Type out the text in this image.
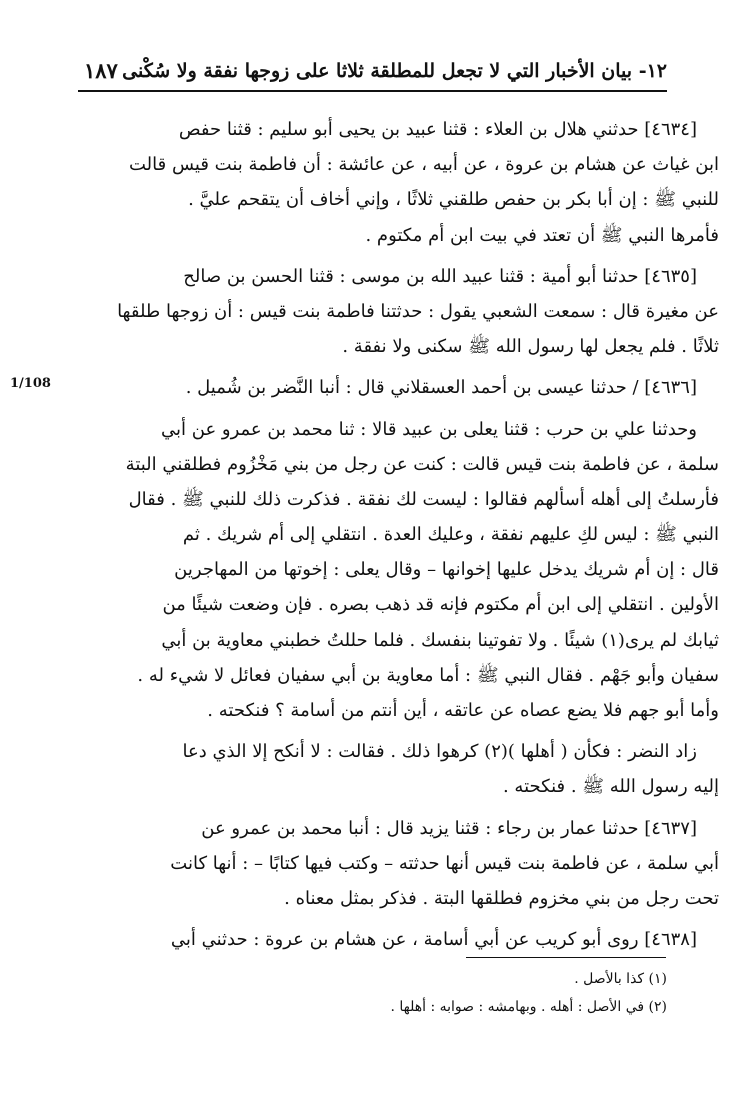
١٢- بيان الأخبار التي لا تجعل للمطلقة ثلاثا على زوجها نفقة ولا سُكْنى
١٨٧
1/108
[٤٦٣٤] حدثني هلال بن العلاء : قثنا عبيد بن يحيى أبو سليم : قثنا حفص
ابن غياث عن هشام بن عروة ، عن أبيه ، عن عائشة : أن فاطمة بنت قيس قالت
للنبي ﷺ : إن أبا بكر بن حفص طلقني ثلاثًا ، وإني أخاف أن يتقحم عليَّ .
فأمرها النبي ﷺ أن تعتد في بيت ابن أم مكتوم .
[٤٦٣٥] حدثنا أبو أمية : قثنا عبيد الله بن موسى : قثنا الحسن بن صالح
عن مغيرة قال : سمعت الشعبي يقول : حدثتنا فاطمة بنت قيس : أن زوجها طلقها
ثلاثًا . فلم يجعل لها رسول الله ﷺ سكنى ولا نفقة .
[٤٦٣٦] / حدثنا عيسى بن أحمد العسقلاني قال : أنبا النَّضر بن شُميل .
وحدثنا علي بن حرب : قثنا يعلى بن عبيد قالا : ثنا محمد بن عمرو عن أبي
سلمة ، عن فاطمة بنت قيس قالت : كنت عن رجل من بني مَخْزُوم فطلقني البتة
فأرسلتُ إلى أهله أسألهم فقالوا : ليست لك نفقة . فذكرت ذلك للنبي ﷺ . فقال
النبي ﷺ : ليس لكِ عليهم نفقة ، وعليك العدة . انتقلي إلى أم شريك . ثم
قال : إن أم شريك يدخل عليها إخوانها – وقال يعلى : إخوتها من المهاجرين
الأولين . انتقلي إلى ابن أم مكتوم فإنه قد ذهب بصره . فإن وضعت شيئًا من
ثيابك لم يرى(١) شيئًا . ولا تفوتينا بنفسك . فلما حللتُ خطبني معاوية بن أبي
سفيان وأبو جَهْم . فقال النبي ﷺ : أما معاوية بن أبي سفيان فعائل لا شيء له .
وأما أبو جهم فلا يضع عصاه عن عاتقه ، أين أنتم من أسامة ؟ فنكحته .
زاد النضر : فكأن ( أهلها )(٢) كرهوا ذلك . فقالت : لا أنكح إلا الذي دعا
إليه رسول الله ﷺ . فنكحته .
[٤٦٣٧] حدثنا عمار بن رجاء : قثنا يزيد قال : أنبا محمد بن عمرو عن
أبي سلمة ، عن فاطمة بنت قيس أنها حدثته – وكتب فيها كتابًا – : أنها كانت
تحت رجل من بني مخزوم فطلقها البتة . فذكر بمثل معناه .
[٤٦٣٨] روى أبو كريب عن أبي أسامة ، عن هشام بن عروة : حدثني أبي
(١) كذا بالأصل .
(٢) في الأصل : أهله . وبهامشه : صوابه : أهلها .
